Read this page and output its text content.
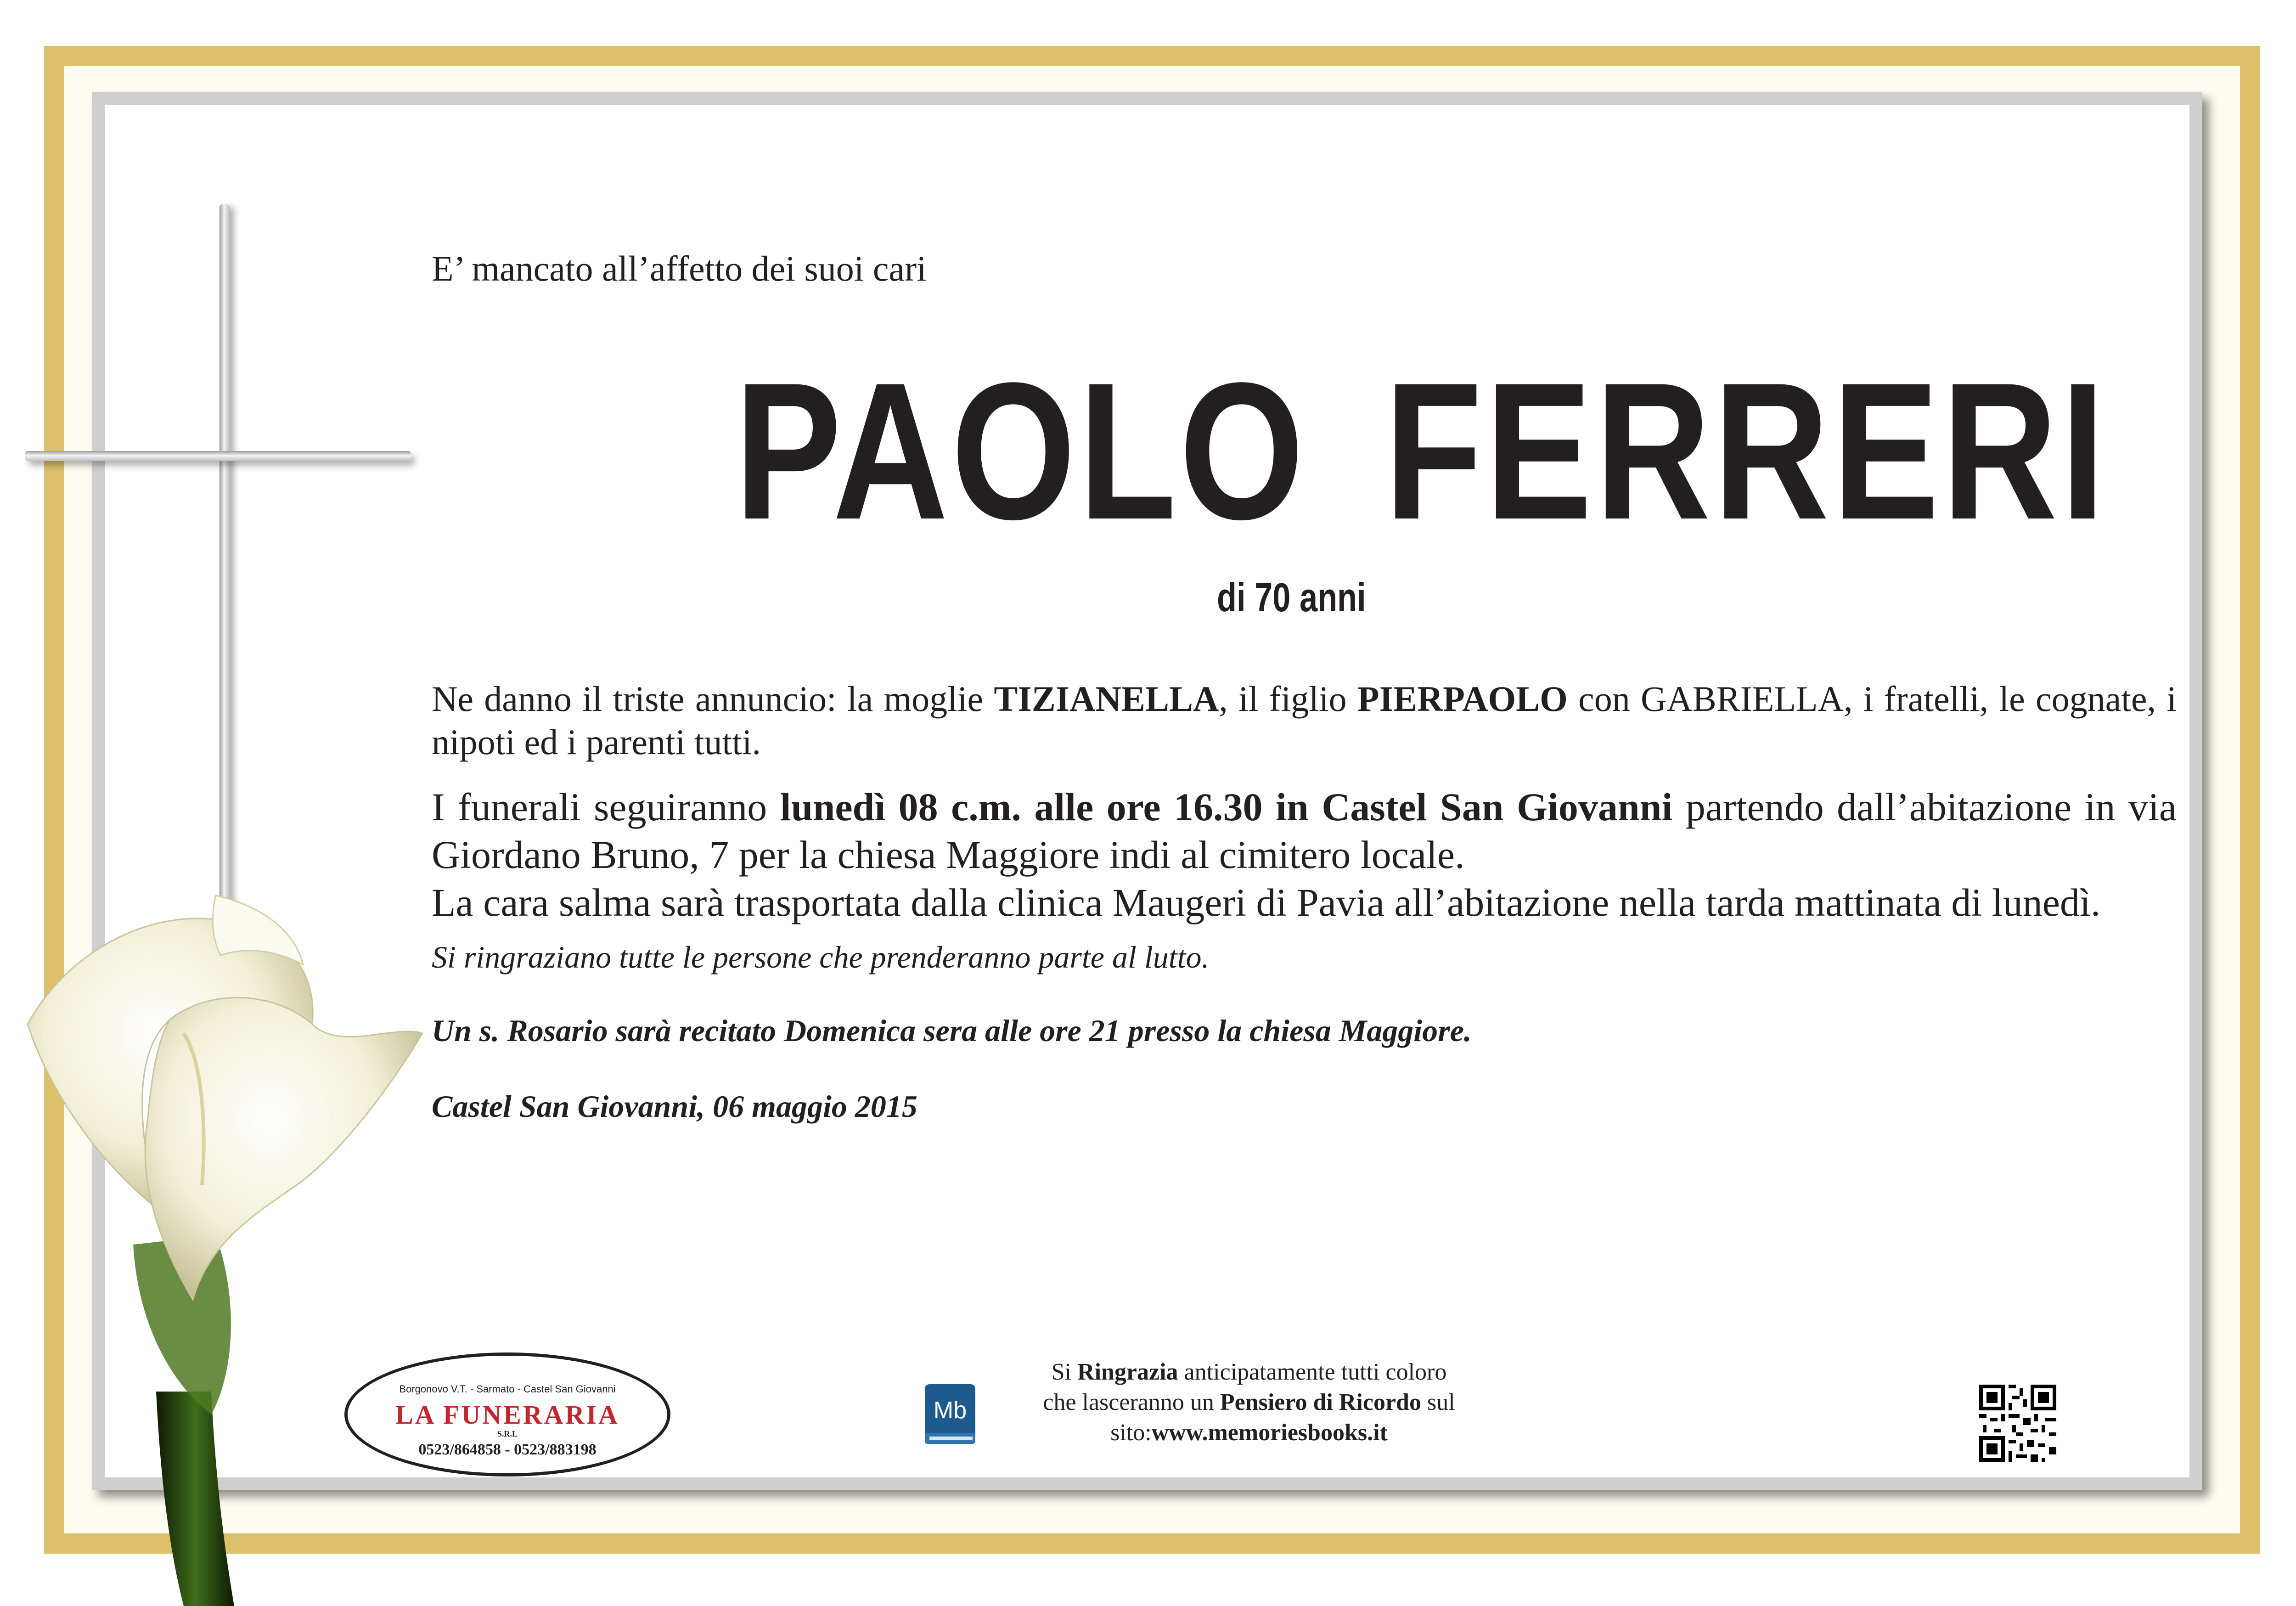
E’ mancato all’affetto dei suoi cari
PAOLO FERRERI
di 70 anni
Ne danno il triste annuncio: la moglie TIZIANELLA, il figlio PIERPAOLO con GABRIELLA, i fratelli, le cognate, i nipoti ed i parenti tutti.
I funerali seguiranno lunedì 08 c.m. alle ore 16.30 in Castel San Giovanni partendo dall’abitazione in via Giordano Bruno, 7 per la chiesa Maggiore indi al cimitero locale.
La cara salma sarà trasportata dalla clinica Maugeri di Pavia all’abitazione nella tarda mattinata di lunedì.
Si ringraziano tutte le persone che prenderanno parte al lutto.
Un s. Rosario sarà recitato Domenica sera alle ore 21 presso la chiesa Maggiore.
Castel San Giovanni, 06 maggio 2015
Borgonovo V.T. - Sarmato - Castel San Giovanni
LA FUNERARIA
S.R.L
0523/864858 - 0523/883198
Mb
Si Ringrazia anticipatamente tutti coloro
che lasceranno un Pensiero di Ricordo sul
sito:www.memoriesbooks.it
